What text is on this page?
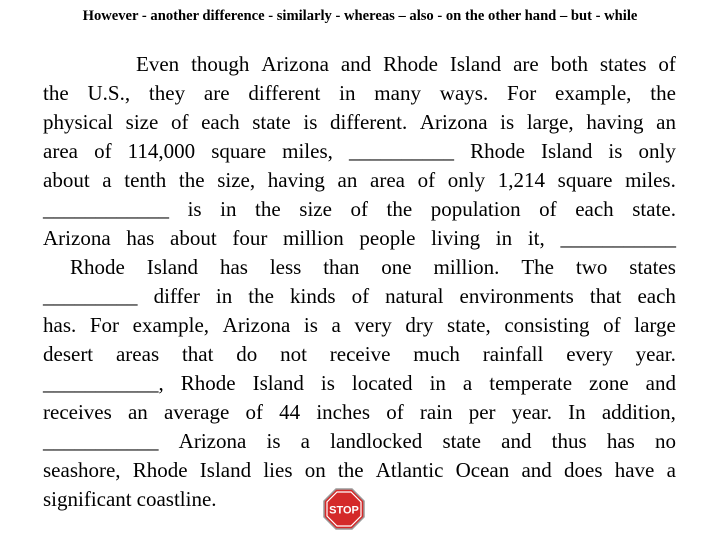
However - another difference - similarly - whereas – also - on the other hand – but - while
Even though Arizona and Rhode Island are both states of
the U.S., they are different in many ways. For example, the
physical size of each state is different. Arizona is large, having an
area of 114,000 square miles, __________ Rhode Island is only
about a tenth the size, having an area of only 1,214 square miles.
____________ is in the size of the population of each state.
Arizona has about four million people living in it, ___________
Rhode Island has less than one million. The two states
_________ differ in the kinds of natural environments that each
has. For example, Arizona is a very dry state, consisting of large
desert areas that do not receive much rainfall every year.
___________, Rhode Island is located in a temperate zone and
receives an average of 44 inches of rain per year. In addition,
___________ Arizona is a landlocked state and thus has no
seashore, Rhode Island lies on the Atlantic Ocean and does have a
significant coastline.	STOP
